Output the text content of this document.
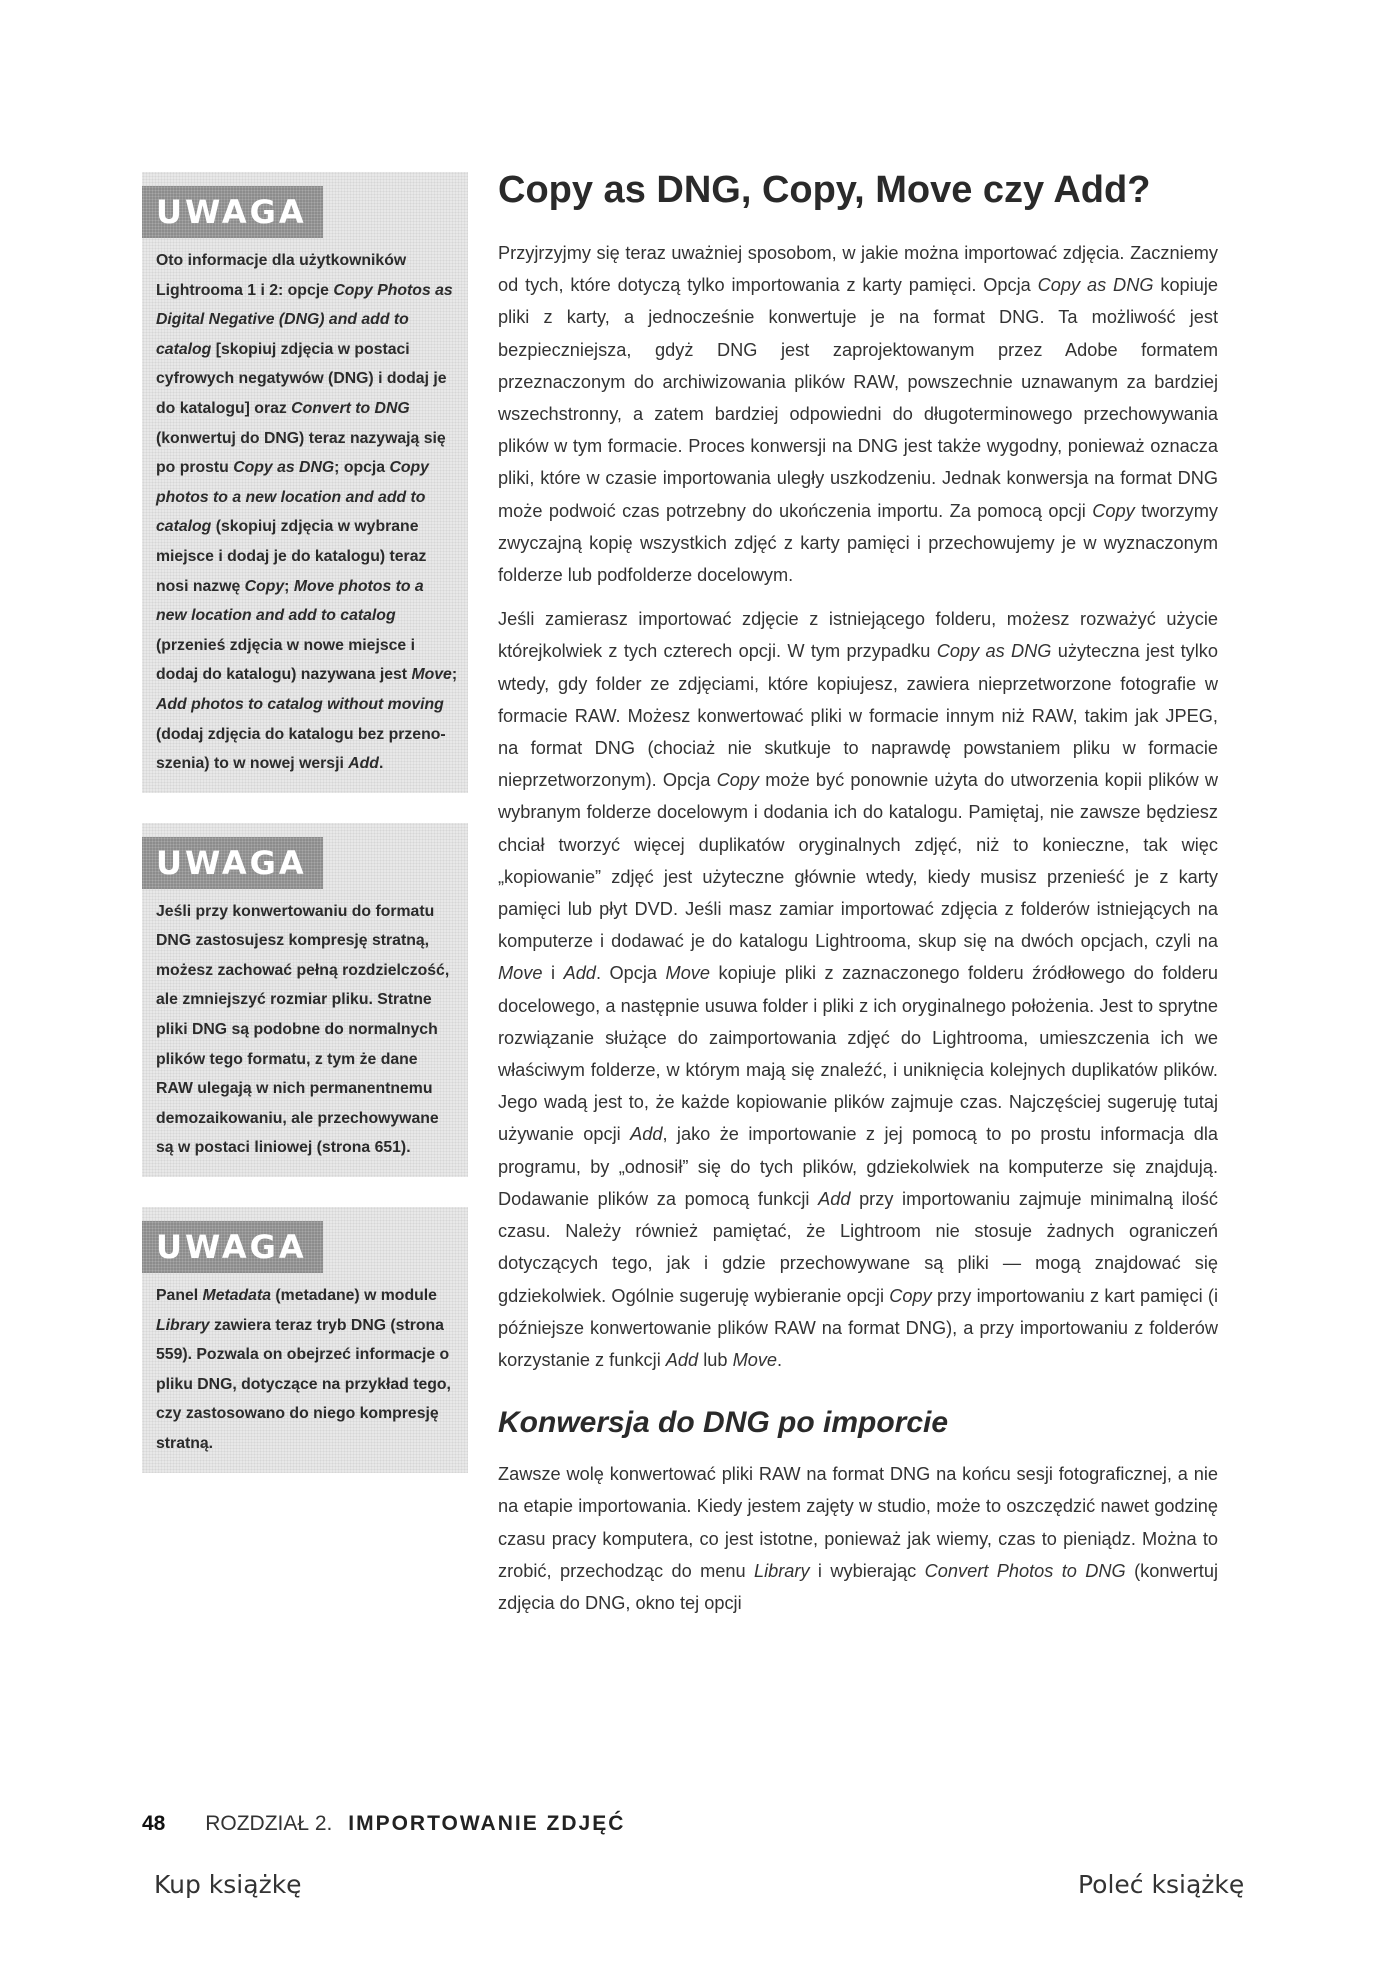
UWAGA
Oto informacje dla użytkowników Lightrooma 1 i 2: opcje Copy Photos as Digital Negative (DNG) and add to catalog [skopiuj zdjęcia w postaci cyfrowych negatywów (DNG) i dodaj je do katalogu] oraz Convert to DNG (konwertuj do DNG) teraz nazywają się po prostu Copy as DNG; opcja Copy photos to a new location and add to catalog (skopiuj zdjęcia w wybrane miejsce i dodaj je do katalogu) teraz nosi nazwę Copy; Move photos to a new location and add to catalog (przenieś zdjęcia w nowe miejsce i dodaj do katalogu) nazywana jest Move; Add photos to catalog without moving (dodaj zdjęcia do katalogu bez przenoszenia) to w nowej wersji Add.
UWAGA
Jeśli przy konwertowaniu do formatu DNG zastosujesz kompresję stratną, możesz zachować pełną rozdzielczość, ale zmniejszyć rozmiar pliku. Stratne pliki DNG są podobne do normalnych plików tego formatu, z tym że dane RAW ulegają w nich permanentnemu demozaikowaniu, ale przechowywane są w postaci liniowej (strona 651).
UWAGA
Panel Metadata (metadane) w module Library zawiera teraz tryb DNG (strona 559). Pozwala on obejrzeć informacje o pliku DNG, dotyczące na przykład tego, czy zastosowano do niego kompresję stratną.
Copy as DNG, Copy, Move czy Add?

Przyjrzyjmy się teraz uważniej sposobom, w jakie można importować zdjęcia. Zaczniemy od tych, które dotyczą tylko importowania z karty pamięci. Opcja Copy as DNG kopiuje pliki z karty, a jednocześnie konwertuje je na format DNG. Ta możliwość jest bezpieczniejsza, gdyż DNG jest zaprojektowanym przez Adobe formatem przeznaczonym do archiwizowania plików RAW, powszechnie uznawanym za bardziej wszechstronny, a zatem bardziej odpowiedni do długoterminowego przechowywania plików w tym formacie. Proces konwersji na DNG jest także wygodny, ponieważ oznacza pliki, które w czasie importowania uległy uszkodzeniu. Jednak konwersja na format DNG może podwoić czas potrzebny do ukończenia importu. Za pomocą opcji Copy tworzymy zwyczajną kopię wszystkich zdjęć z karty pamięci i przechowujemy je w wyznaczonym folderze lub podfolderze docelowym.

Jeśli zamierasz importować zdjęcie z istniejącego folderu, możesz rozważyć użycie którejkolwiek z tych czterech opcji. W tym przypadku Copy as DNG użyteczna jest tylko wtedy, gdy folder ze zdjęciami, które kopiujesz, zawiera nieprzetworzone fotografie w formacie RAW. Możesz konwertować pliki w formacie innym niż RAW, takim jak JPEG, na format DNG (chociaż nie skutkuje to naprawdę powstaniem pliku w formacie nieprzetworzonym). Opcja Copy może być ponownie użyta do utworzenia kopii plików w wybranym folderze docelowym i dodania ich do katalogu. Pamiętaj, nie zawsze będziesz chciał tworzyć więcej duplikatów oryginalnych zdjęć, niż to konieczne, tak więc „kopiowanie” zdjęć jest użyteczne głównie wtedy, kiedy musisz przenieść je z karty pamięci lub płyt DVD. Jeśli masz zamiar importować zdjęcia z folderów istniejących na komputerze i dodawać je do katalogu Lightrooma, skup się na dwóch opcjach, czyli na Move i Add. Opcja Move kopiuje pliki z zaznaczonego folderu źródłowego do folderu docelowego, a następnie usuwa folder i pliki z ich oryginalnego położenia. Jest to sprytne rozwiązanie służące do zaimportowania zdjęć do Lightrooma, umieszczenia ich we właściwym folderze, w którym mają się znaleźć, i uniknięcia kolejnych duplikatów plików. Jego wadą jest to, że każde kopiowanie plików zajmuje czas. Najczęściej sugeruję tutaj używanie opcji Add, jako że importowanie z jej pomocą to po prostu informacja dla programu, by „odnosił” się do tych plików, gdziekolwiek na komputerze się znajdują. Dodawanie plików za pomocą funkcji Add przy importowaniu zajmuje minimalną ilość czasu. Należy również pamiętać, że Lightroom nie stosuje żadnych ograniczeń dotyczących tego, jak i gdzie przechowywane są pliki — mogą znajdować się gdziekolwiek. Ogólnie sugeruję wybieranie opcji Copy przy importowaniu z kart pamięci (i późniejsze konwertowanie plików RAW na format DNG), a przy importowaniu z folderów korzystanie z funkcji Add lub Move.

Konwersja do DNG po imporcie

Zawsze wolę konwertować pliki RAW na format DNG na końcu sesji fotograficznej, a nie na etapie importowania. Kiedy jestem zajęty w studio, może to oszczędzić nawet godzinę czasu pracy komputera, co jest istotne, ponieważ jak wiemy, czas to pieniądz. Można to zrobić, przechodząc do menu Library i wybierając Convert Photos to DNG (konwertuj zdjęcia do DNG, okno tej opcji

48 ROZDZIAŁ 2. IMPORTOWANIE ZDJĘĆ
Kup książkę	Poleć książkę
